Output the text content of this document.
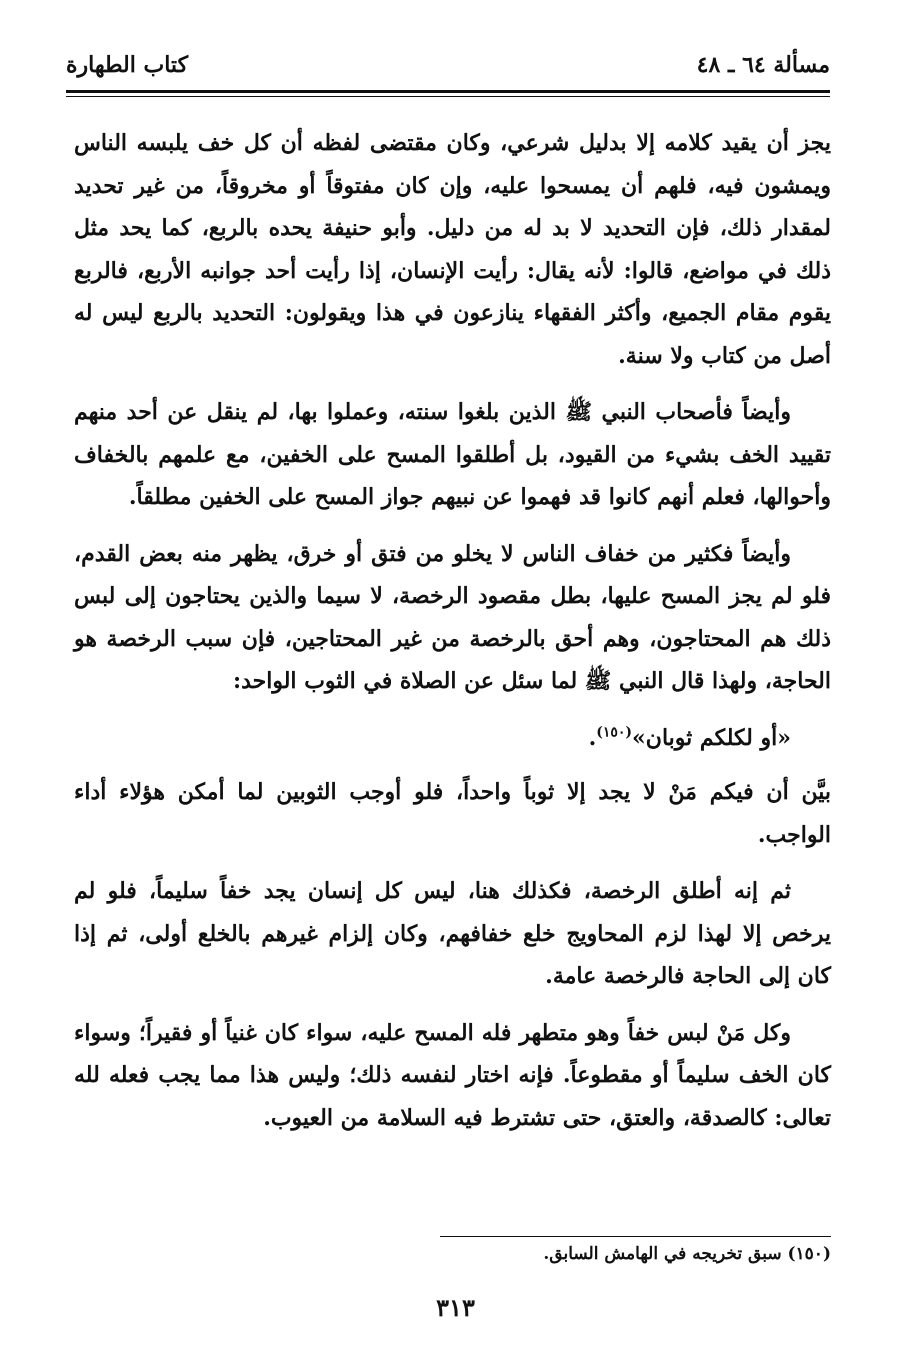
مسألة ٦٤ ـ ٤٨
كتاب الطهارة

يجز أن يقيد كلامه إلا بدليل شرعي، وكان مقتضى لفظه أن كل خف يلبسه الناس ويمشون فيه، فلهم أن يمسحوا عليه، وإن كان مفتوقاً أو مخروقاً، من غير تحديد لمقدار ذلك، فإن التحديد لا بد له من دليل. وأبو حنيفة يحده بالربع، كما يحد مثل ذلك في مواضع، قالوا: لأنه يقال: رأيت الإنسان، إذا رأيت أحد جوانبه الأربع، فالربع يقوم مقام الجميع، وأكثر الفقهاء ينازعون في هذا ويقولون: التحديد بالربع ليس له أصل من كتاب ولا سنة.

وأيضاً فأصحاب النبي ﷺ الذين بلغوا سنته، وعملوا بها، لم ينقل عن أحد منهم تقييد الخف بشيء من القيود، بل أطلقوا المسح على الخفين، مع علمهم بالخفاف وأحوالها، فعلم أنهم كانوا قد فهموا عن نبيهم جواز المسح على الخفين مطلقاً.

وأيضاً فكثير من خفاف الناس لا يخلو من فتق أو خرق، يظهر منه بعض القدم، فلو لم يجز المسح عليها، بطل مقصود الرخصة، لا سيما والذين يحتاجون إلى لبس ذلك هم المحتاجون، وهم أحق بالرخصة من غير المحتاجين، فإن سبب الرخصة هو الحاجة، ولهذا قال النبي ﷺ لما سئل عن الصلاة في الثوب الواحد:

«أو لكلكم ثوبان»$^{(١٥٠)}$.

بيَّن أن فيكم مَنْ لا يجد إلا ثوباً واحداً، فلو أوجب الثوبين لما أمكن هؤلاء أداء الواجب.

ثم إنه أطلق الرخصة، فكذلك هنا، ليس كل إنسان يجد خفاً سليماً، فلو لم يرخص إلا لهذا لزم المحاويج خلع خفافهم، وكان إلزام غيرهم بالخلع أولى، ثم إذا كان إلى الحاجة فالرخصة عامة.

وكل مَنْ لبس خفاً وهو متطهر فله المسح عليه، سواء كان غنياً أو فقيراً؛ وسواء كان الخف سليماً أو مقطوعاً. فإنه اختار لنفسه ذلك؛ وليس هذا مما يجب فعله لله تعالى: كالصدقة، والعتق، حتى تشترط فيه السلامة من العيوب.

(١٥٠) سبق تخريجه في الهامش السابق.
٣١٣
